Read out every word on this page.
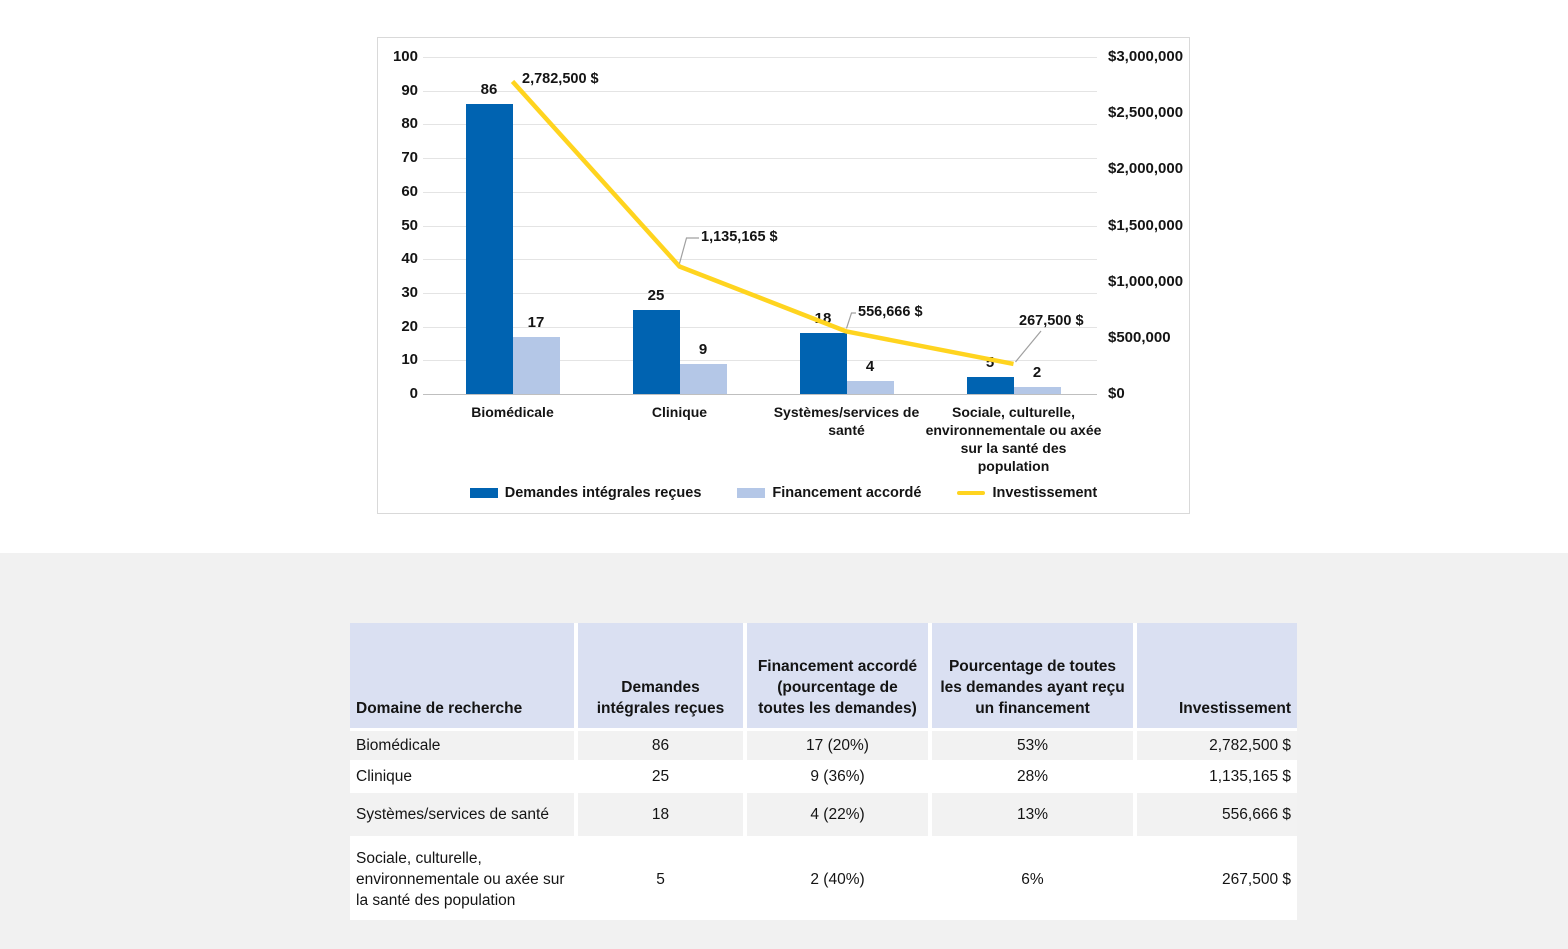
100
90
80
70
60
50
40
30
20
10
0
$3,000,000
$2,500,000
$2,000,000
$1,500,000
$1,000,000
$500,000
$0
86
17
Biomédicale
25
9
Clinique
18
4
Systèmes/services de santé
5
2
Sociale, culturelle, environnementale ou axée sur la santé des population
2,782,500 $
1,135,165 $
556,666 $
267,500 $
Demandes intégrales reçues	Financement accordé	Investissement
Domaine de recherche	Demandes intégrales reçues	Financement accordé (pourcentage de toutes les demandes)	Pourcentage de toutes les demandes ayant reçu un financement	Investissement
Biomédicale	86	17 (20%)	53%	2,782,500 $
Clinique	25	9 (36%)	28%	1,135,165 $
Systèmes/services de santé	18	4 (22%)	13%	556,666 $
Sociale, culturelle, environnementale ou axée sur la santé des population	5	2 (40%)	6%	267,500 $
